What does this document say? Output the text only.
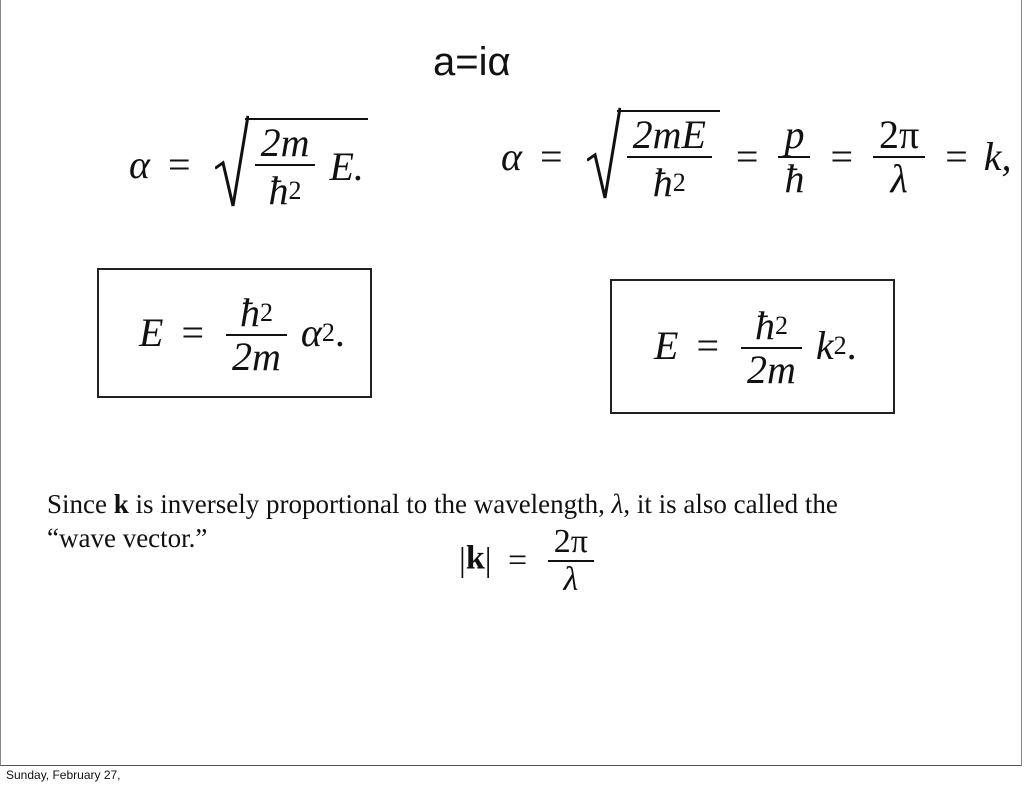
a=iα
$\alpha = \frac{2m}{ħ2} E$.	$\alpha = \frac{2mE}{ħ2} = \frac{p}{ħ} = \frac{2\pi}{\lambda} = k$,
$E = \frac{ħ2}{2m} \alpha 2$.	$E = \frac{ħ2}{2m} k2$.
Since k is inversely proportional to the wavelength, λ, it is also called the
“wave vector.”
$|k| = \frac{2\pi}{\lambda}$
Sunday, February 27,
